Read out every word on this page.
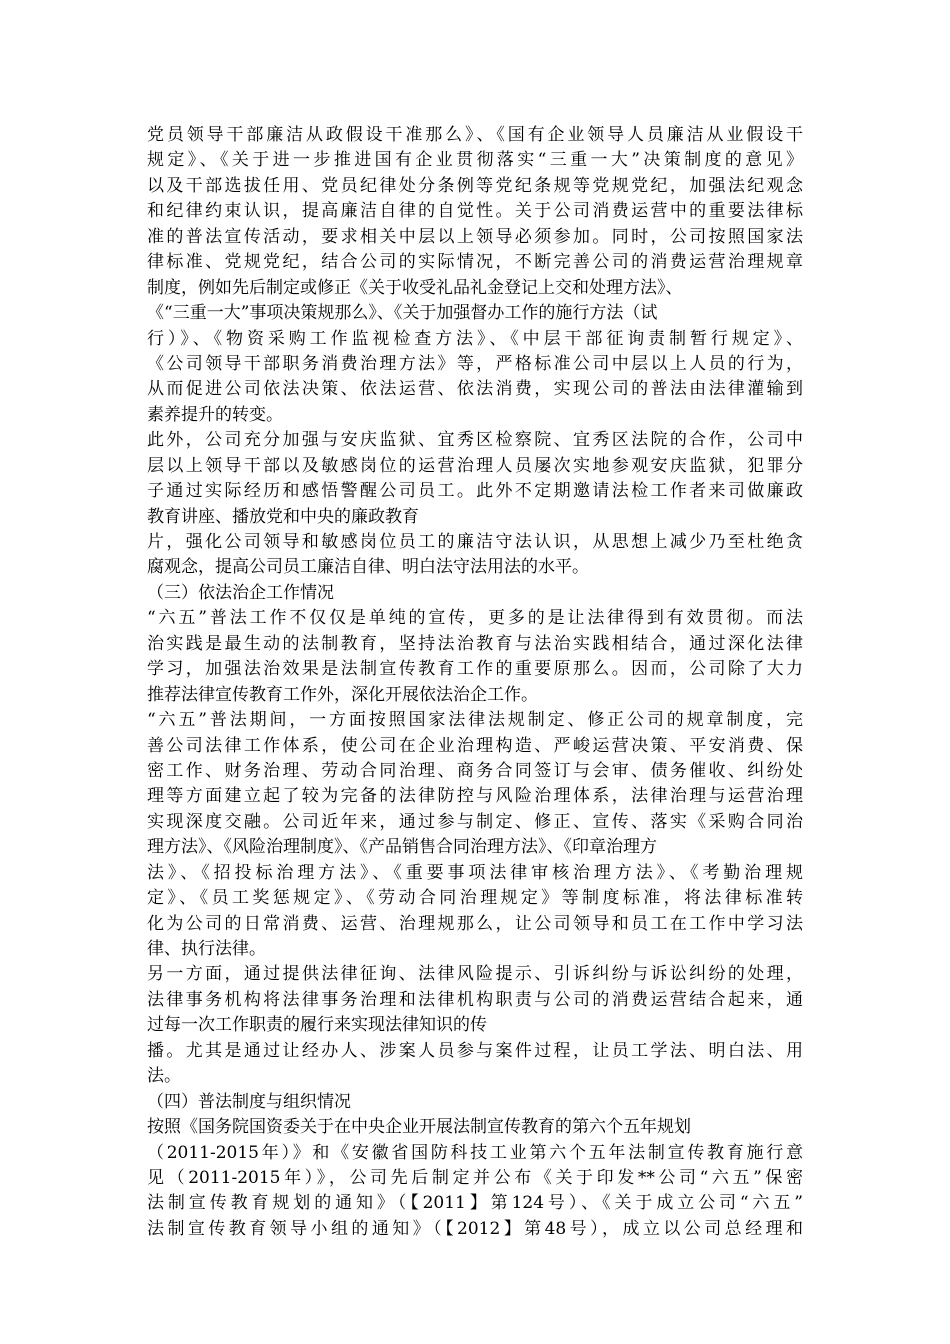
党员领导干部廉洁从政假设干准那么》、《国有企业领导人员廉洁从业假设干
规定》、《关于进一步推进国有企业贯彻落实“三重一大”决策制度的意见》
以及干部选拔任用、党员纪律处分条例等党纪条规等党规党纪，加强法纪观念
和纪律约束认识，提高廉洁自律的自觉性。关于公司消费运营中的重要法律标
准的普法宣传活动，要求相关中层以上领导必须参加。同时，公司按照国家法
律标准、党规党纪，结合公司的实际情况，不断完善公司的消费运营治理规章
制度，例如先后制定或修正《关于收受礼品礼金登记上交和处理方法》、
《“三重一大”事项决策规那么》、《关于加强督办工作的施行方法（试
行）》、《物资采购工作监视检查方法》、《中层干部征询责制暂行规定》、
《公司领导干部职务消费治理方法》等，严格标准公司中层以上人员的行为，
从而促进公司依法决策、依法运营、依法消费，实现公司的普法由法律灌输到
素养提升的转变。
此外，公司充分加强与安庆监狱、宜秀区检察院、宜秀区法院的合作，公司中
层以上领导干部以及敏感岗位的运营治理人员屡次实地参观安庆监狱，犯罪分
子通过实际经历和感悟警醒公司员工。此外不定期邀请法检工作者来司做廉政
教育讲座、播放党和中央的廉政教育
片，强化公司领导和敏感岗位员工的廉洁守法认识，从思想上减少乃至杜绝贪
腐观念，提高公司员工廉洁自律、明白法守法用法的水平。
（三）依法治企工作情况
“六五”普法工作不仅仅是单纯的宣传，更多的是让法律得到有效贯彻。而法
治实践是最生动的法制教育，坚持法治教育与法治实践相结合，通过深化法律
学习，加强法治效果是法制宣传教育工作的重要原那么。因而，公司除了大力
推荐法律宣传教育工作外，深化开展依法治企工作。
“六五”普法期间，一方面按照国家法律法规制定、修正公司的规章制度，完
善公司法律工作体系，使公司在企业治理构造、严峻运营决策、平安消费、保
密工作、财务治理、劳动合同治理、商务合同签订与会审、债务催收、纠纷处
理等方面建立起了较为完备的法律防控与风险治理体系，法律治理与运营治理
实现深度交融。公司近年来，通过参与制定、修正、宣传、落实《采购合同治
理方法》、《风险治理制度》、《产品销售合同治理方法》、《印章治理方
法》、《招投标治理方法》、《重要事项法律审核治理方法》、《考勤治理规
定》、《员工奖惩规定》、《劳动合同治理规定》等制度标准，将法律标准转
化为公司的日常消费、运营、治理规那么，让公司领导和员工在工作中学习法
律、执行法律。
另一方面，通过提供法律征询、法律风险提示、引诉纠纷与诉讼纠纷的处理，
法律事务机构将法律事务治理和法律机构职责与公司的消费运营结合起来，通
过每一次工作职责的履行来实现法律知识的传
播。尤其是通过让经办人、涉案人员参与案件过程，让员工学法、明白法、用
法。
（四）普法制度与组织情况
按照《国务院国资委关于在中央企业开展法制宣传教育的第六个五年规划
（2011-2015年）》和《安徽省国防科技工业第六个五年法制宣传教育施行意
见（2011-2015年）》，公司先后制定并公布《关于印发**公司“六五”保密
法制宣传教育规划的通知》（【2011】第124号）、《关于成立公司“六五”
法制宣传教育领导小组的通知》（【2012】第48号），成立以公司总经理和
